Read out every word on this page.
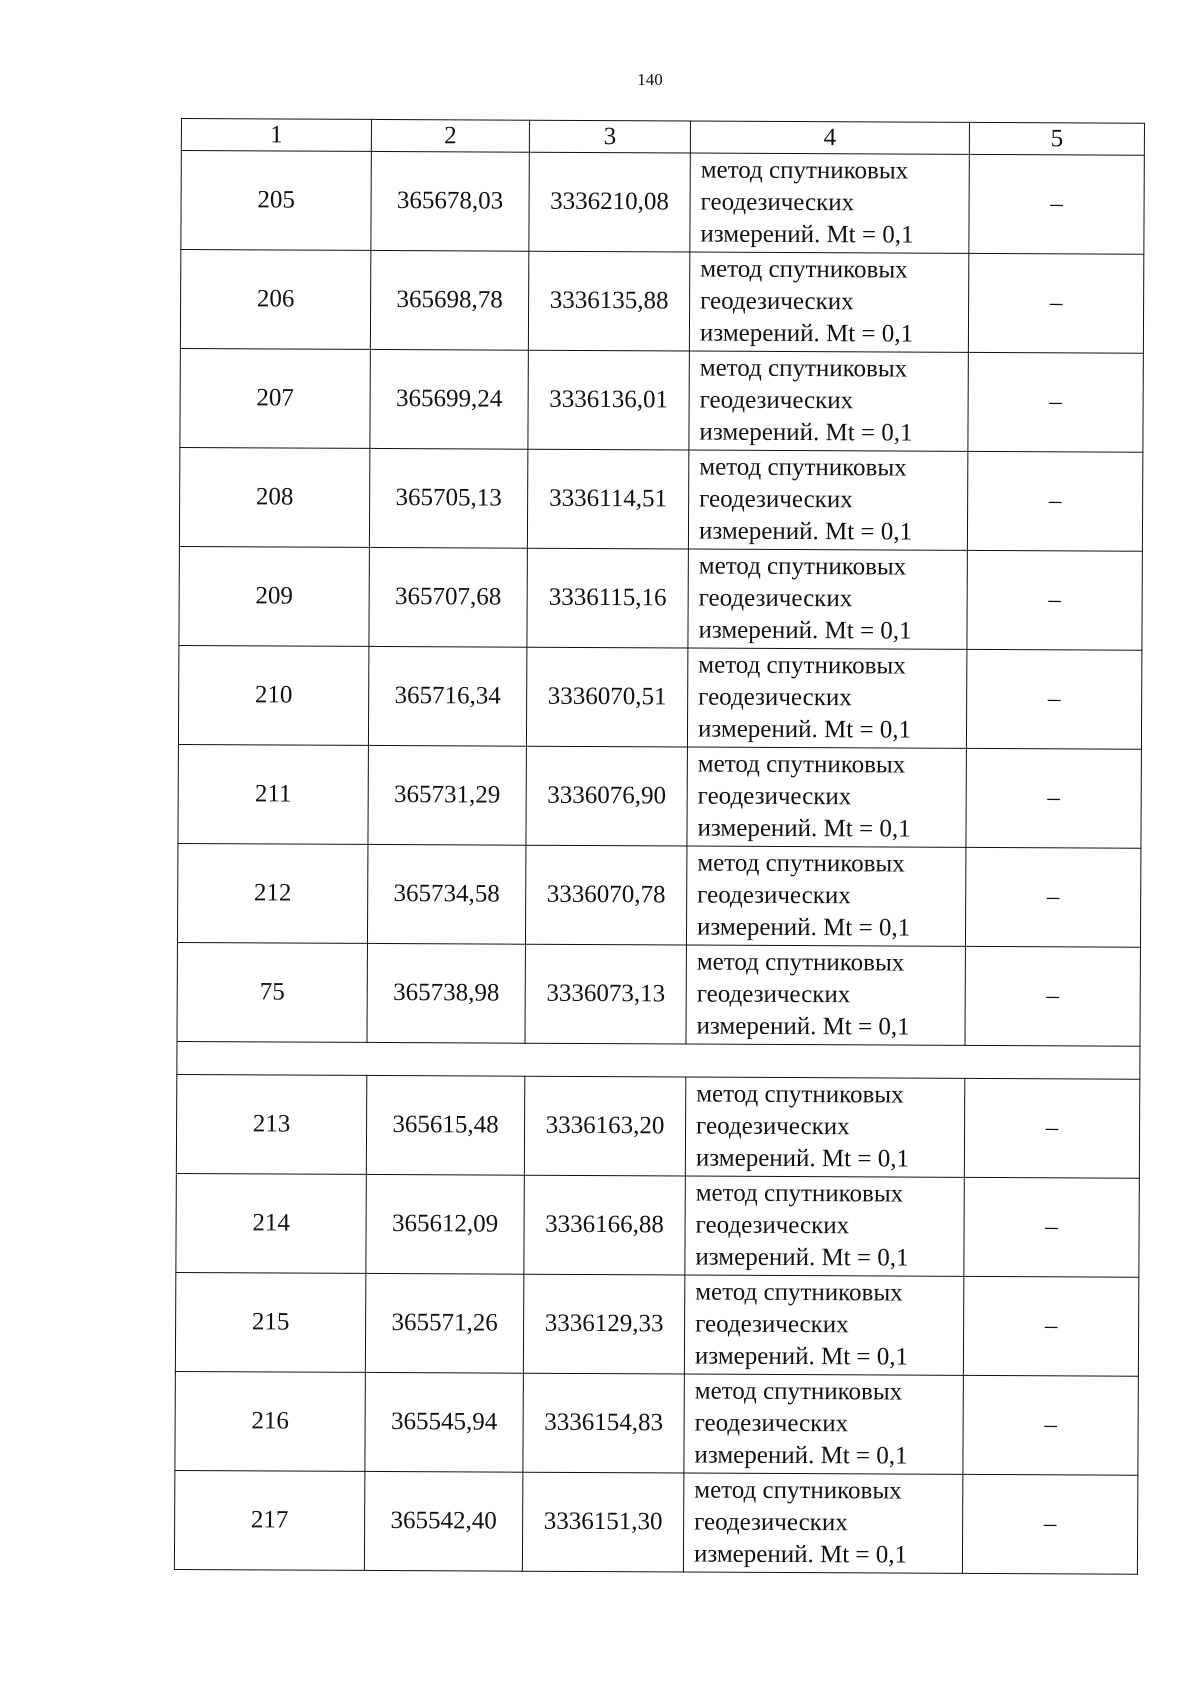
140
1	2	3	4	5
205	365678,03	3336210,08	метод спутниковых
геодезических
измерений. Mt = 0,1	–
206	365698,78	3336135,88	метод спутниковых
геодезических
измерений. Mt = 0,1	–
207	365699,24	3336136,01	метод спутниковых
геодезических
измерений. Mt = 0,1	–
208	365705,13	3336114,51	метод спутниковых
геодезических
измерений. Mt = 0,1	–
209	365707,68	3336115,16	метод спутниковых
геодезических
измерений. Mt = 0,1	–
210	365716,34	3336070,51	метод спутниковых
геодезических
измерений. Mt = 0,1	–
211	365731,29	3336076,90	метод спутниковых
геодезических
измерений. Mt = 0,1	–
212	365734,58	3336070,78	метод спутниковых
геодезических
измерений. Mt = 0,1	–
75	365738,98	3336073,13	метод спутниковых
геодезических
измерений. Mt = 0,1	–

213	365615,48	3336163,20	метод спутниковых
геодезических
измерений. Mt = 0,1	–
214	365612,09	3336166,88	метод спутниковых
геодезических
измерений. Mt = 0,1	–
215	365571,26	3336129,33	метод спутниковых
геодезических
измерений. Mt = 0,1	–
216	365545,94	3336154,83	метод спутниковых
геодезических
измерений. Mt = 0,1	–
217	365542,40	3336151,30	метод спутниковых
геодезических
измерений. Mt = 0,1	–
